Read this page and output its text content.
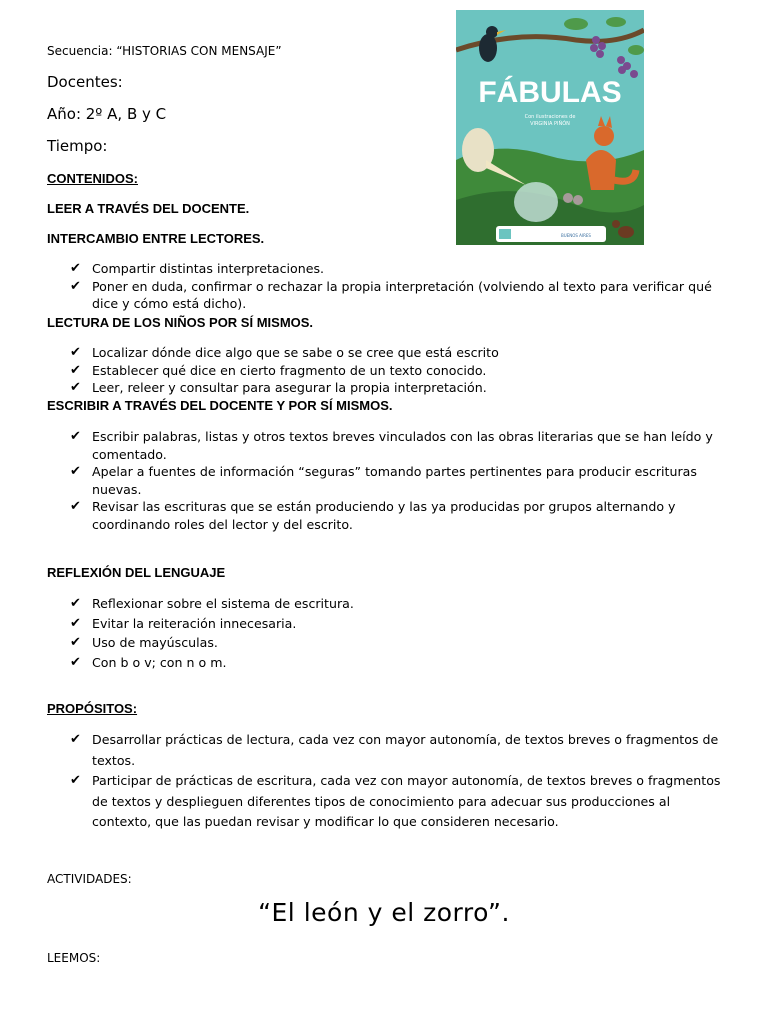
Secuencia: “HISTORIAS CON MENSAJE”
Docentes:
Año: 2º A, B y C
Tiempo:
FÁBULAS
Con ilustraciones de
VIRGINIA PIÑÓN
BUENOS AIRES
CONTENIDOS:
LEER A TRAVÉS DEL DOCENTE.
INTERCAMBIO ENTRE LECTORES.
✔ Compartir distintas interpretaciones.
✔ Poner en duda, confirmar o rechazar la propia interpretación (volviendo al texto para verificar qué dice y cómo está dicho).
LECTURA DE LOS NIÑOS POR SÍ MISMOS.
✔ Localizar dónde dice algo que se sabe o se cree que está escrito
✔ Establecer qué dice en cierto fragmento de un texto conocido.
✔ Leer, releer y consultar para asegurar la propia interpretación.
ESCRIBIR A TRAVÉS DEL DOCENTE Y POR SÍ MISMOS.
✔ Escribir palabras, listas y otros textos breves vinculados con las obras literarias que se han leído y comentado.
✔ Apelar a fuentes de información “seguras” tomando partes pertinentes para producir escrituras nuevas.
✔ Revisar las escrituras que se están produciendo y las ya producidas por grupos alternando y coordinando roles del lector y del escrito.
REFLEXIÓN DEL LENGUAJE
✔ Reflexionar sobre el sistema de escritura.
✔ Evitar la reiteración innecesaria.
✔ Uso de mayúsculas.
✔ Con b o v; con n o m.
PROPÓSITOS:
✔ Desarrollar prácticas de lectura, cada vez con mayor autonomía, de textos breves o fragmentos de textos.
✔ Participar de prácticas de escritura, cada vez con mayor autonomía, de textos breves o fragmentos de textos y desplieguen diferentes tipos de conocimiento para adecuar sus producciones al contexto, que las puedan revisar y modificar lo que consideren necesario.
ACTIVIDADES:
“El león y el zorro”.
LEEMOS:
